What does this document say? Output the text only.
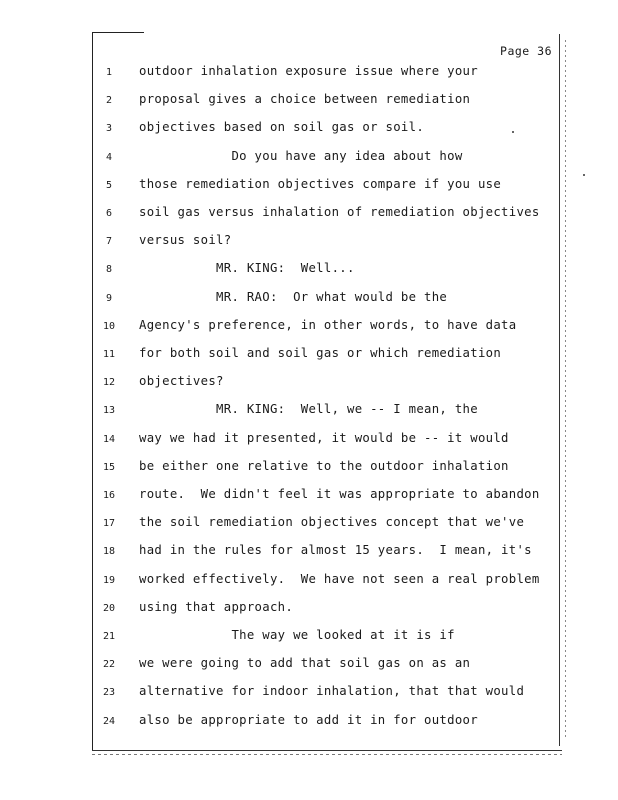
Page 36
1	outdoor inhalation exposure issue where your
2	proposal gives a choice between remediation
3	objectives based on soil gas or soil.
4	Do you have any idea about how
5	those remediation objectives compare if you use
6	soil gas versus inhalation of remediation objectives
7	versus soil?
8	MR. KING:  Well...
9	MR. RAO:  Or what would be the
10	Agency's preference, in other words, to have data
11	for both soil and soil gas or which remediation
12	objectives?
13	MR. KING:  Well, we -- I mean, the
14	way we had it presented, it would be -- it would
15	be either one relative to the outdoor inhalation
16	route.  We didn't feel it was appropriate to abandon
17	the soil remediation objectives concept that we've
18	had in the rules for almost 15 years.  I mean, it's
19	worked effectively.  We have not seen a real problem
20	using that approach.
21	The way we looked at it is if
22	we were going to add that soil gas on as an
23	alternative for indoor inhalation, that that would
24	also be appropriate to add it in for outdoor
